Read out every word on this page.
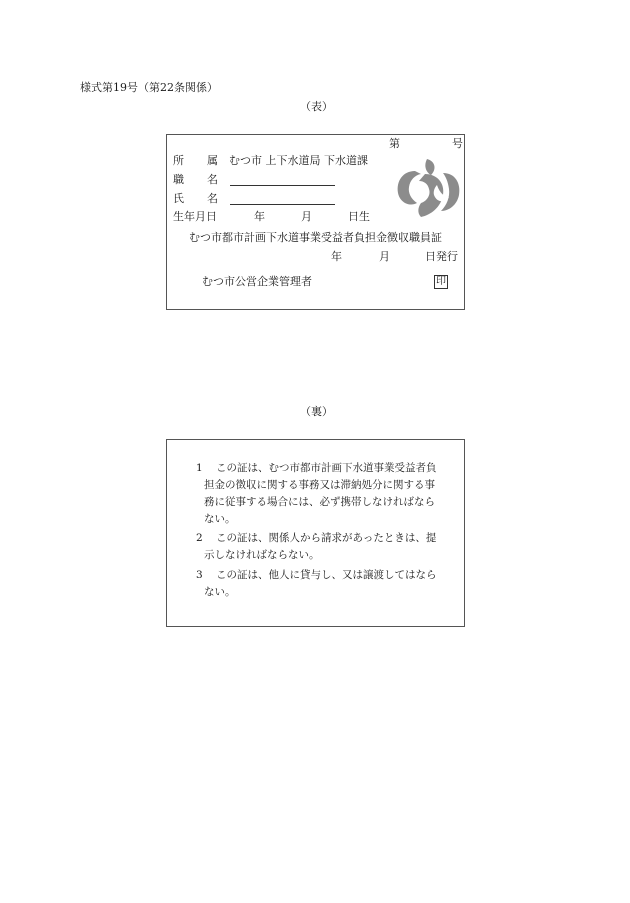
様式第19号（第22条関係）
（表）
第	号
所 属 むつ市 上下水道局 下水道課
職 名
氏 名
生年月日	年	月	日生
むつ市都市計画下水道事業受益者負担金徴収職員証
年	月	日発行
むつ市公営企業管理者	印
（裏）
1 この証は、むつ市都市計画下水道事業受益者負
担金の徴収に関する事務又は滞納処分に関する事
務に従事する場合には、必ず携帯しなければなら
ない。
2 この証は、関係人から請求があったときは、提
示しなければならない。
3 この証は、他人に貸与し、又は譲渡してはなら
ない。
